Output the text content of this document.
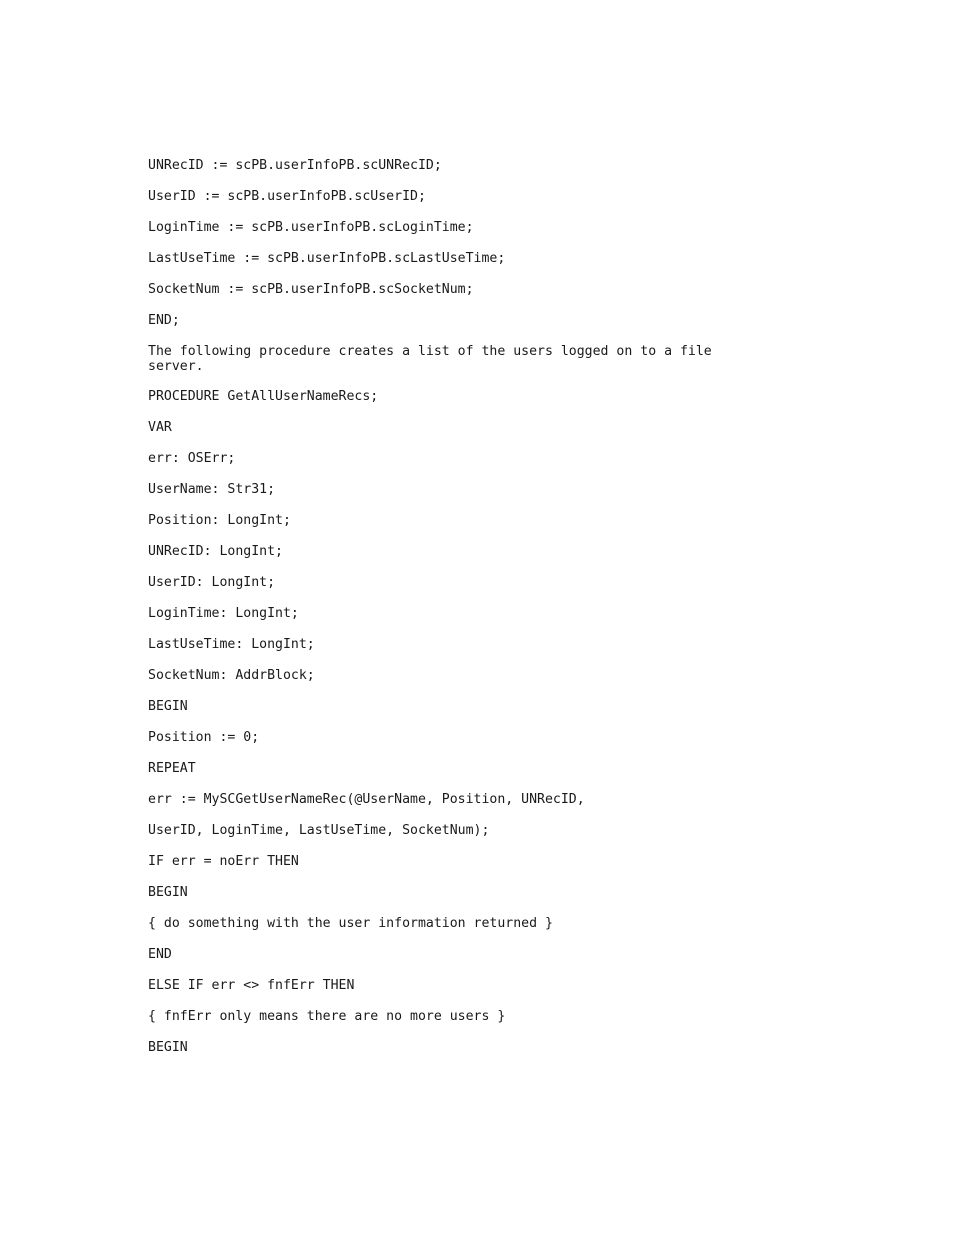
UNRecID := scPB.userInfoPB.scUNRecID;

UserID := scPB.userInfoPB.scUserID;

LoginTime := scPB.userInfoPB.scLoginTime;

LastUseTime := scPB.userInfoPB.scLastUseTime;

SocketNum := scPB.userInfoPB.scSocketNum;

END;

The following procedure creates a list of the users logged on to a file server.

PROCEDURE GetAllUserNameRecs;

VAR

err: OSErr;

UserName: Str31;

Position: LongInt;

UNRecID: LongInt;

UserID: LongInt;

LoginTime: LongInt;

LastUseTime: LongInt;

SocketNum: AddrBlock;

BEGIN

Position := 0;

REPEAT

err := MySCGetUserNameRec(@UserName, Position, UNRecID,

UserID, LoginTime, LastUseTime, SocketNum);

IF err = noErr THEN

BEGIN

{ do something with the user information returned }

END

ELSE IF err <> fnfErr THEN

{ fnfErr only means there are no more users }

BEGIN
